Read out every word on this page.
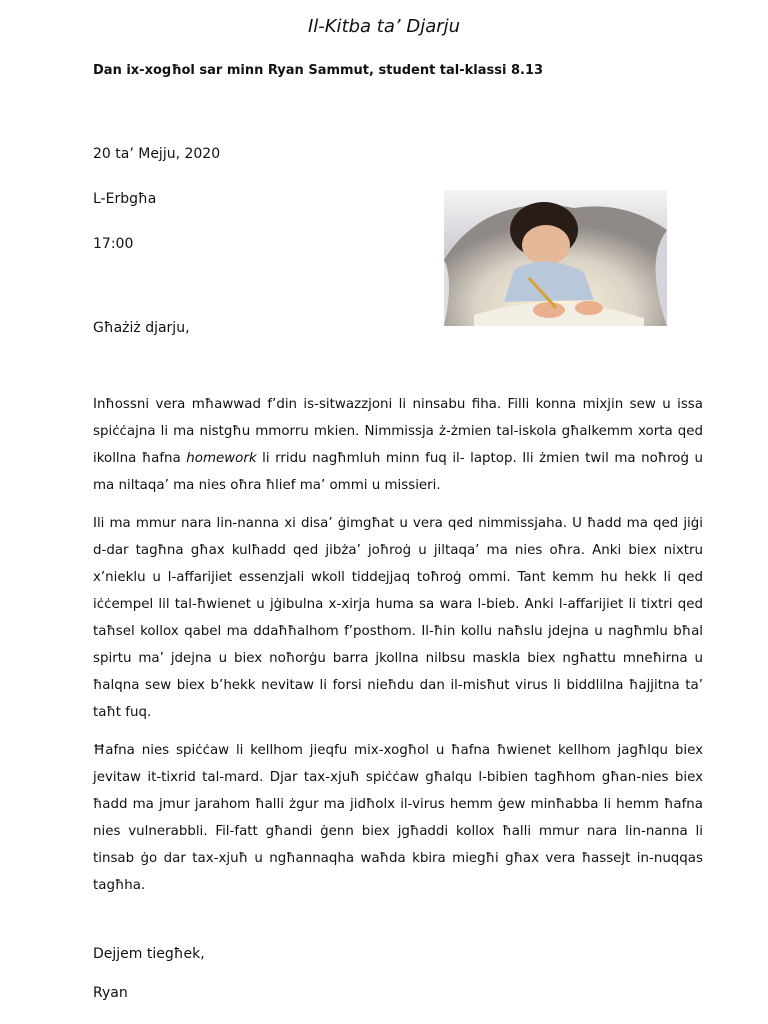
Il-Kitba ta’ Djarju
Dan ix-xogħol sar minn Ryan Sammut, student tal-klassi 8.13
20 ta’ Mejju, 2020
L-Erbgħa
17:00
Għażiż djarju,

Inħossni vera mħawwad f’din is-sitwazzjoni li ninsabu fiha. Filli konna mixjin sew u issa spiċċajna li ma nistgħu mmorru mkien. Nimmissja ż-żmien tal-iskola għalkemm xorta qed ikollna ħafna homework li rridu nagħmluh minn fuq il- laptop. Ili żmien twil ma noħroġ u ma niltaqa’ ma nies oħra ħlief ma’ ommi u missieri.

Ili ma mmur nara lin-nanna xi disa’ ġimgħat u vera qed nimmissjaha. U ħadd ma qed jiġi d-dar tagħna għax kulħadd qed jibża’ joħroġ u jiltaqa’ ma nies oħra. Anki biex nixtru x’nieklu u l-affarijiet essenzjali wkoll tiddejjaq toħroġ ommi. Tant kemm hu hekk li qed iċċempel lil tal-ħwienet u jġibulna x-xirja huma sa wara l-bieb. Anki l-affarijiet li tixtri qed taħsel kollox qabel ma ddaħħalhom f’posthom. Il-ħin kollu naħslu jdejna u nagħmlu bħal spirtu ma’ jdejna u biex noħorġu barra jkollna nilbsu maskla biex ngħattu mneħirna u ħalqna sew biex b’hekk nevitaw li forsi nieħdu dan il-misħut virus li biddlilna ħajjitna ta’ taħt fuq.

Ħafna nies spiċċaw li kellhom jieqfu mix-xogħol u ħafna ħwienet kellhom jagħlqu biex jevitaw it-tixrid tal-mard. Djar tax-xjuħ spiċċaw għalqu l-bibien tagħhom għan-nies biex ħadd ma jmur jarahom ħalli żgur ma jidħolx il-virus hemm ġew minħabba li hemm ħafna nies vulnerabbli. Fil-fatt għandi ġenn biex jgħaddi kollox ħalli mmur nara lin-nanna li tinsab ġo dar tax-xjuħ u ngħannaqha waħda kbira miegħi għax vera ħassejt in-nuqqas tagħha.

Dejjem tiegħek,
Ryan
